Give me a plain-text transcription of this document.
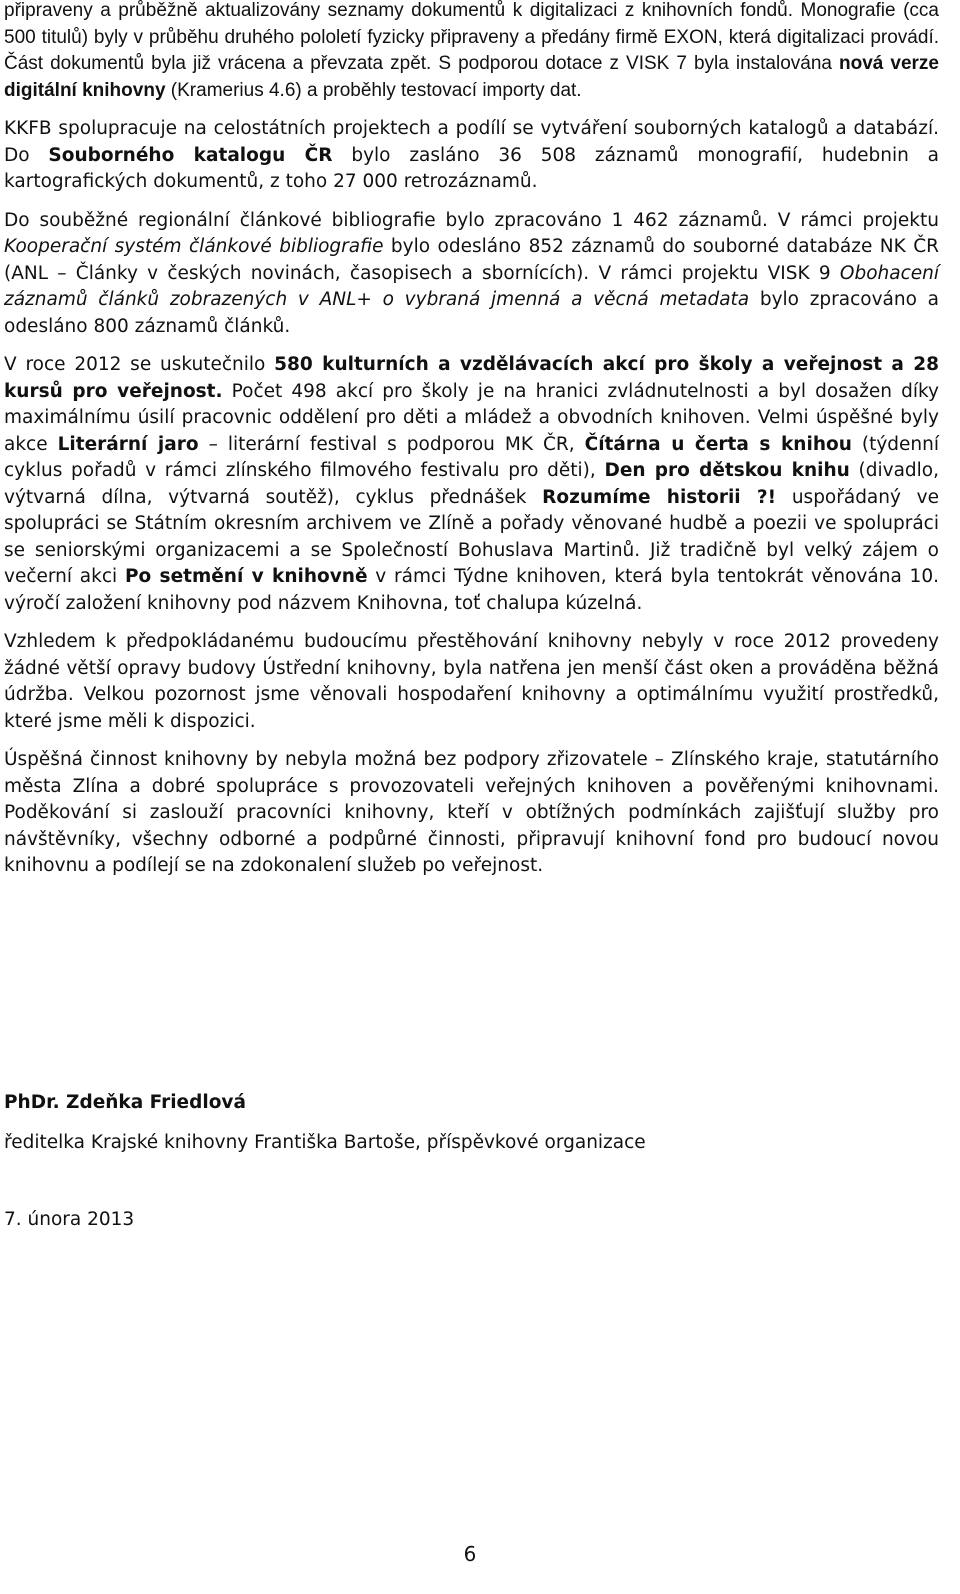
připraveny a průběžně aktualizovány seznamy dokumentů k digitalizaci z knihovních fondů. Monografie (cca 500 titulů) byly v průběhu druhého pololetí fyzicky připraveny a předány firmě EXON, která digitalizaci provádí. Část dokumentů byla již vrácena a převzata zpět. S podporou dotace z VISK 7 byla instalována nová verze digitální knihovny (Kramerius 4.6) a proběhly testovací importy dat.

KKFB spolupracuje na celostátních projektech a podílí se vytváření souborných katalogů a databází. Do Souborného katalogu ČR bylo zasláno 36 508 záznamů monografií, hudebnin a kartografických dokumentů, z toho 27 000 retrozáznamů.

Do souběžné regionální článkové bibliografie bylo zpracováno 1 462 záznamů. V rámci projektu Kooperační systém článkové bibliografie bylo odesláno 852 záznamů do souborné databáze NK ČR (ANL – Články v českých novinách, časopisech a sbornících). V rámci projektu VISK 9 Obohacení záznamů článků zobrazených v ANL+ o vybraná jmenná a věcná metadata bylo zpracováno a odesláno 800 záznamů článků.

V roce 2012 se uskutečnilo 580 kulturních a vzdělávacích akcí pro školy a veřejnost a 28 kursů pro veřejnost. Počet 498 akcí pro školy je na hranici zvládnutelnosti a byl dosažen díky maximálnímu úsilí pracovnic oddělení pro děti a mládež a obvodních knihoven. Velmi úspěšné byly akce Literární jaro – literární festival s podporou MK ČR, Čítárna u čerta s knihou (týdenní cyklus pořadů v rámci zlínského filmového festivalu pro děti), Den pro dětskou knihu (divadlo, výtvarná dílna, výtvarná soutěž), cyklus přednášek Rozumíme historii ?! uspořádaný ve spolupráci se Státním okresním archivem ve Zlíně a pořady věnované hudbě a poezii ve spolupráci se seniorskými organizacemi a se Společností Bohuslava Martinů. Již tradičně byl velký zájem o večerní akci Po setmění v knihovně v rámci Týdne knihoven, která byla tentokrát věnována 10. výročí založení knihovny pod názvem Knihovna, toť chalupa kúzelná.

Vzhledem k předpokládanému budoucímu přestěhování knihovny nebyly v roce 2012 provedeny žádné větší opravy budovy Ústřední knihovny, byla natřena jen menší část oken a prováděna běžná údržba. Velkou pozornost jsme věnovali hospodaření knihovny a optimálnímu využití prostředků, které jsme měli k dispozici.

Úspěšná činnost knihovny by nebyla možná bez podpory zřizovatele – Zlínského kraje, statutárního města Zlína a dobré spolupráce s provozovateli veřejných knihoven a pověřenými knihovnami. Poděkování si zaslouží pracovníci knihovny, kteří v obtížných podmínkách zajišťují služby pro návštěvníky, všechny odborné a podpůrné činnosti, připravují knihovní fond pro budoucí novou knihovnu a podílejí se na zdokonalení služeb po veřejnost.

PhDr. Zdeňka Friedlová
ředitelka Krajské knihovny Františka Bartoše, příspěvkové organizace
7. února 2013
6
